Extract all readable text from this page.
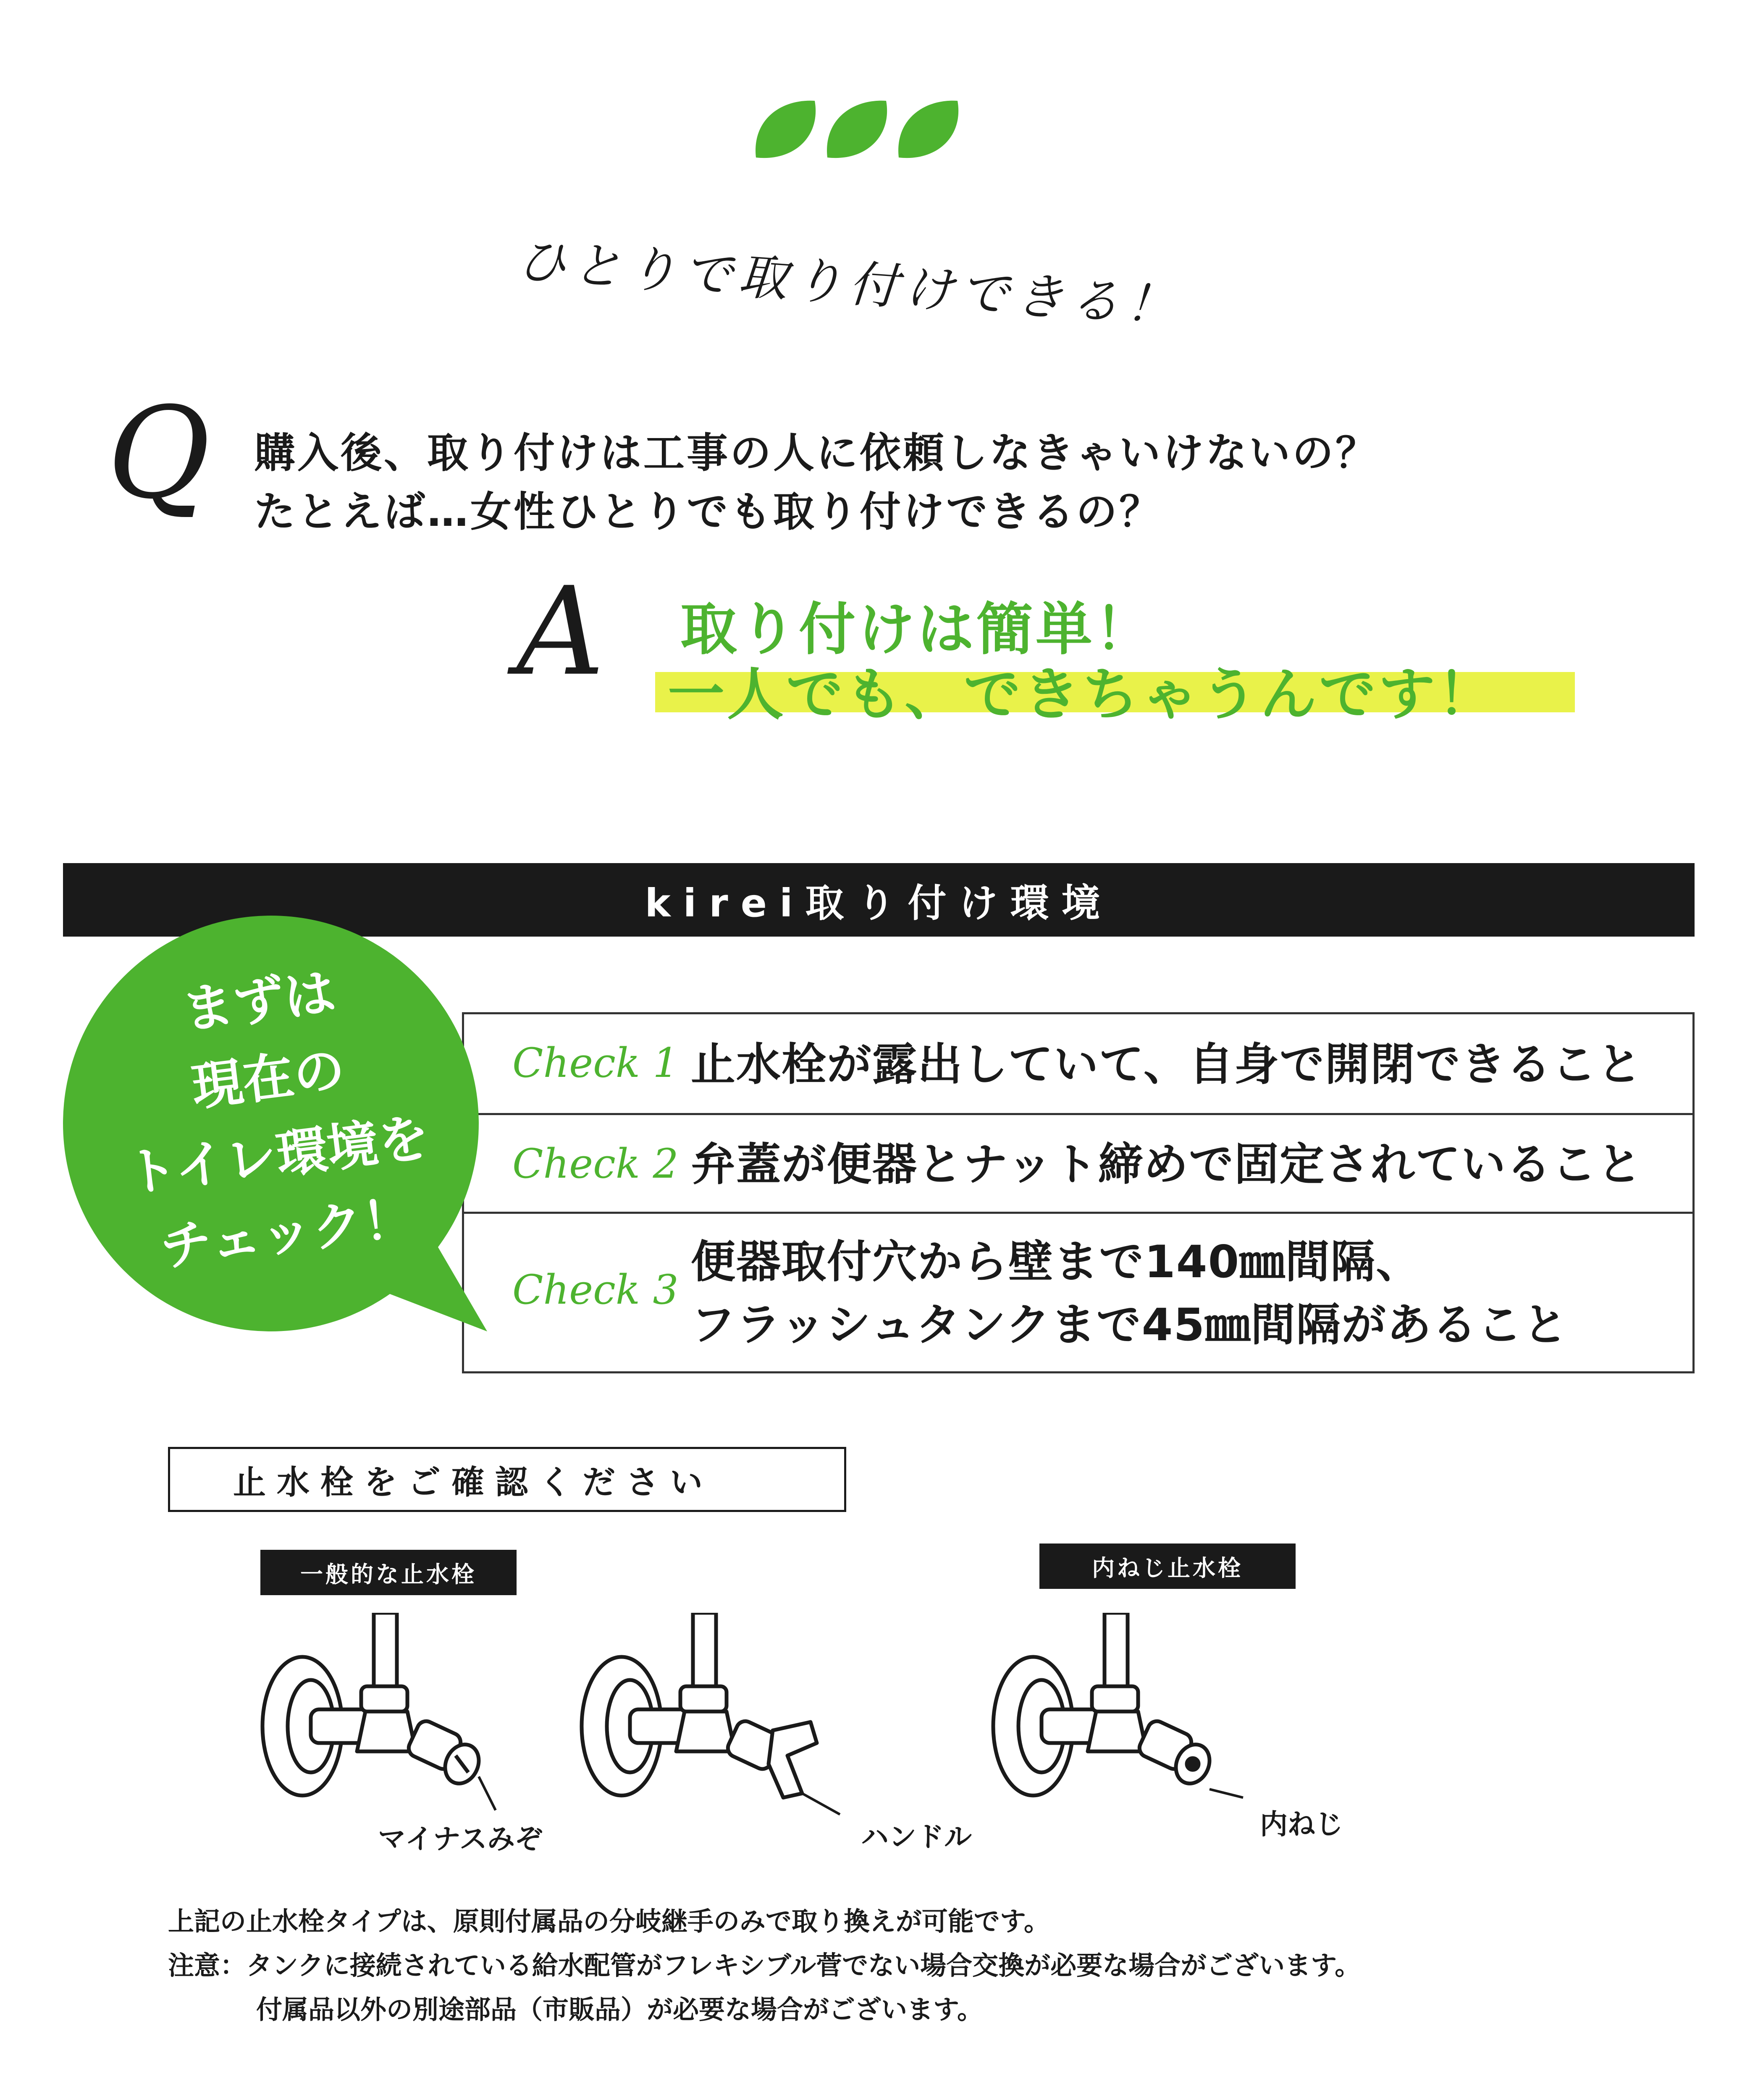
ひとりで取り付けできる！
Q 購入後、取り付けは工事の人に依頼しなきゃいけないの？
たとえば…女性ひとりでも取り付けできるの？
A 取り付けは簡単！
一人でも、できちゃうんです！
kirei取り付け環境
Check 1 止水栓が露出していて、自身で開閉できること
Check 2 弁蓋が便器とナット締めで固定されていること
Check 3
便器取付穴から壁まで140㎜間隔、
フラッシュタンクまで45㎜間隔があること
まずは
現在の
トイレ環境を
チェック！
止水栓をご確認ください
一般的な止水栓	内ねじ止水栓
マイナスみぞ	ハンドル	内ねじ
上記の止水栓タイプは、原則付属品の分岐継手のみで取り換えが可能です。
注意：タンクに接続されている給水配管がフレキシブル菅でない場合交換が必要な場合がございます。
付属品以外の別途部品（市販品）が必要な場合がございます。
